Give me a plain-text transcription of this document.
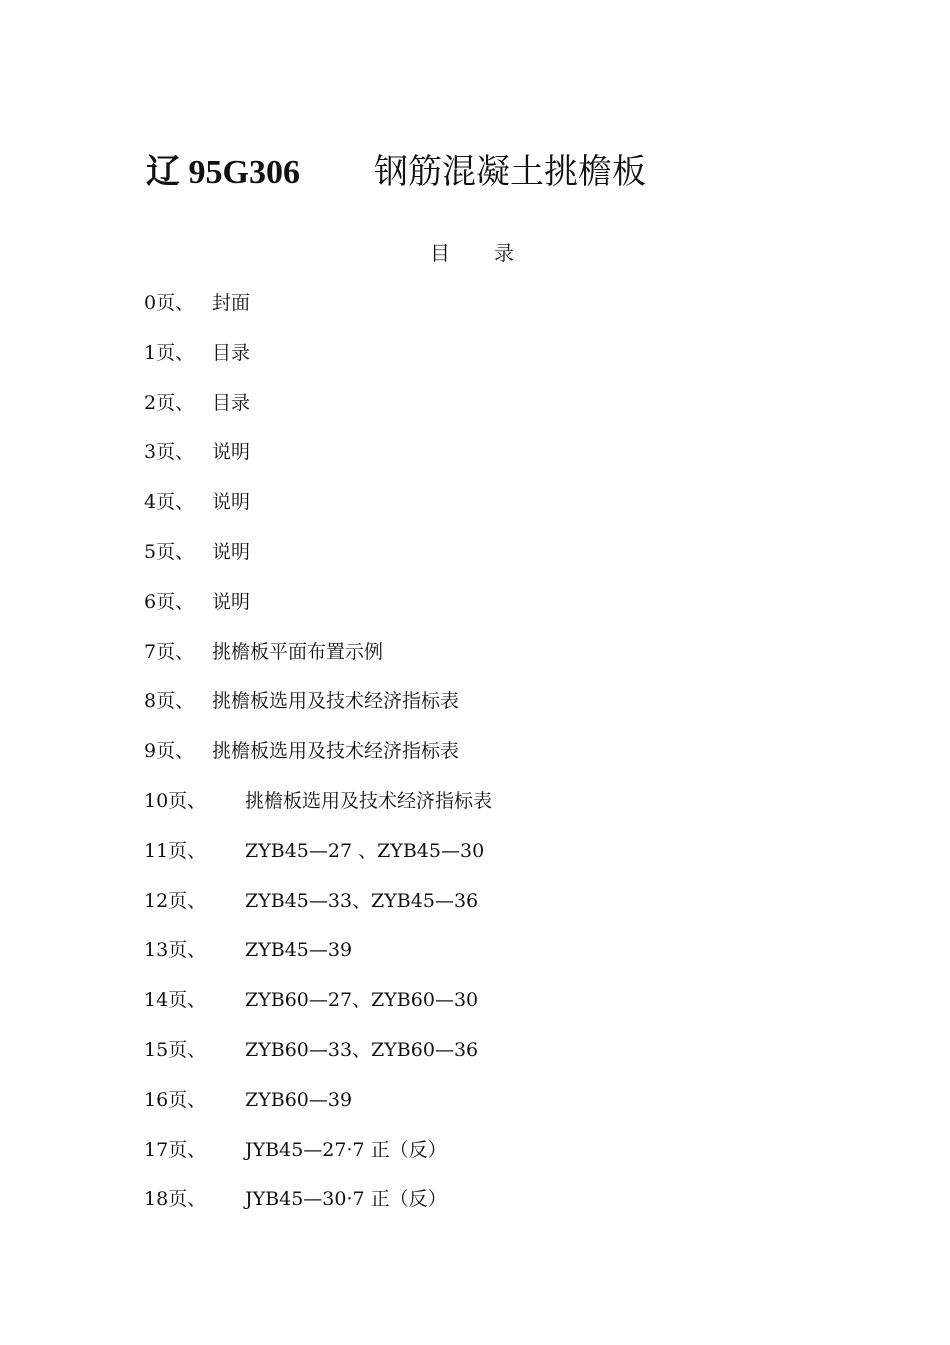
辽 95G306	钢筋混凝土挑檐板
目录
0页、 封面
1页、 目录
2页、 目录
3页、 说明
4页、 说明
5页、 说明
6页、 说明
7页、 挑檐板平面布置示例
8页、 挑檐板选用及技术经济指标表
9页、 挑檐板选用及技术经济指标表
10页、	挑檐板选用及技术经济指标表
11页、	ZYB45—27 、ZYB45—30
12页、	ZYB45—33、ZYB45—36
13页、	ZYB45—39
14页、	ZYB60—27、ZYB60—30
15页、	ZYB60—33、ZYB60—36
16页、	ZYB60—39
17页、	JYB45—27·7 正（反）
18页、	JYB45—30·7 正（反）
